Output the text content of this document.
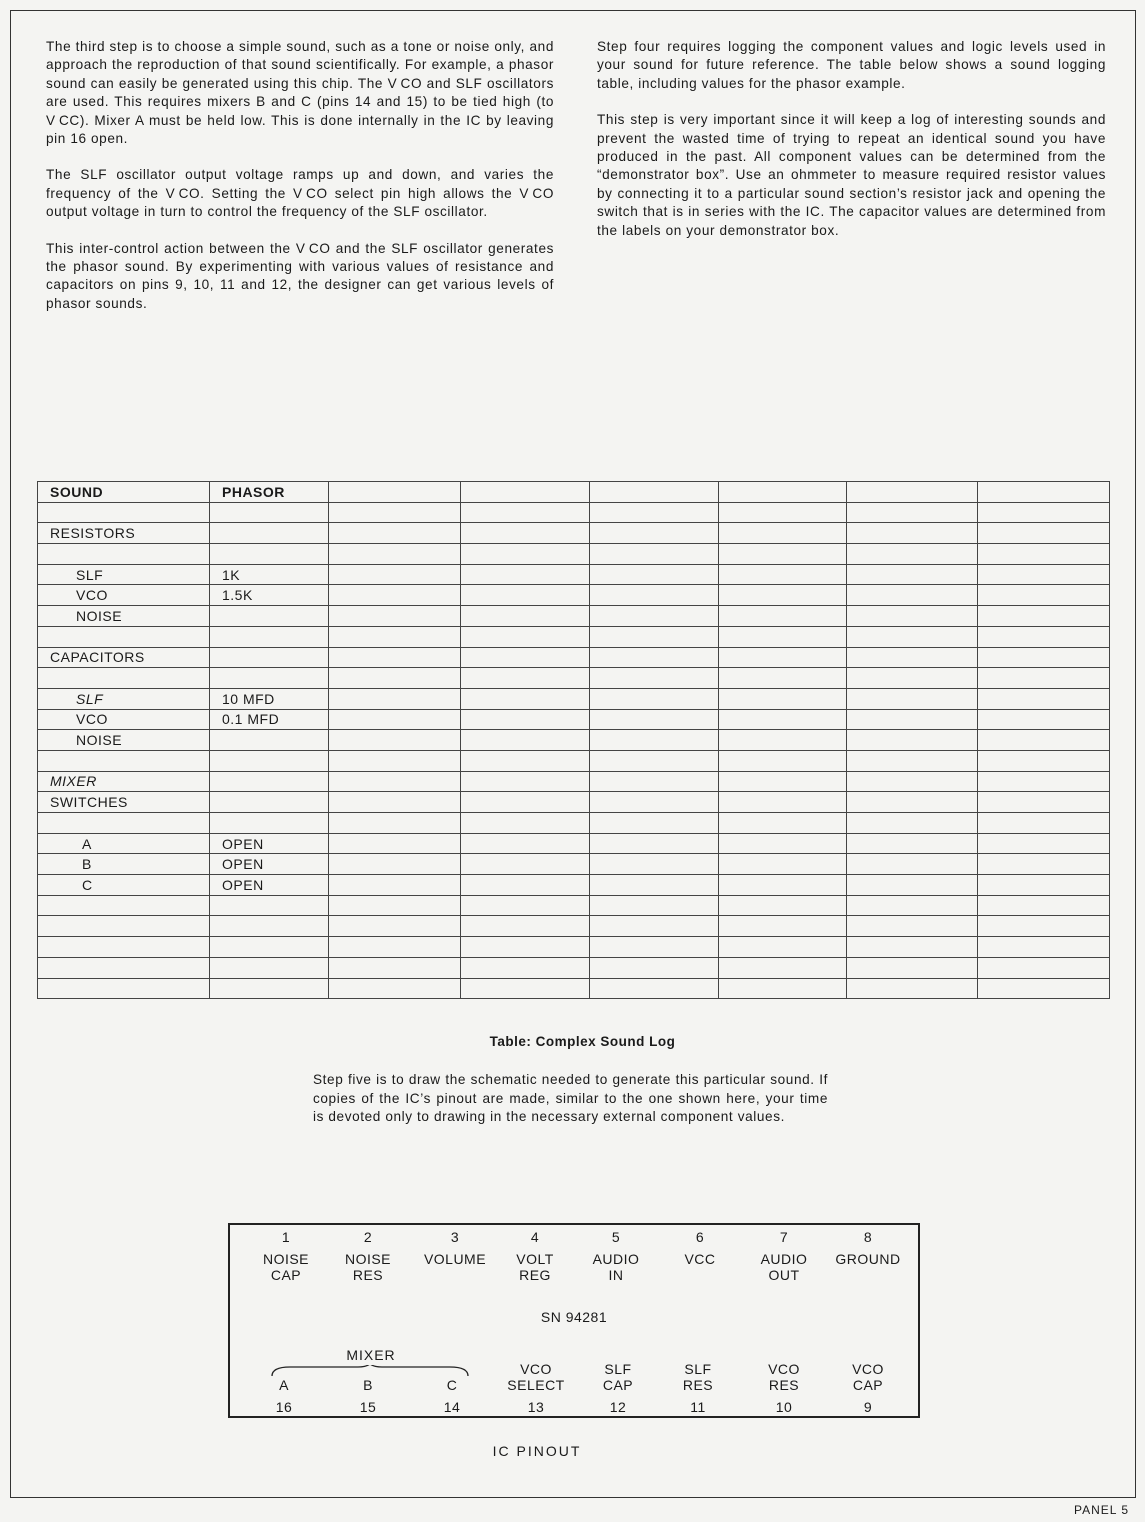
The third step is to choose a simple sound, such as a tone or noise only, and approach the reproduction of that sound scientifically. For example, a phasor sound can easily be generated using this chip. The V CO and SLF oscillators are used. This requires mixers B and C (pins 14 and 15) to be tied high (to V CC). Mixer A must be held low. This is done internally in the IC by leaving pin 16 open.

The SLF oscillator output voltage ramps up and down, and varies the frequency of the V CO. Setting the V CO select pin high allows the V CO output voltage in turn to control the frequency of the SLF oscillator.

This inter-control action between the V CO and the SLF oscillator generates the phasor sound. By experimenting with various values of resistance and capacitors on pins 9, 10, 11 and 12, the designer can get various levels of phasor sounds.

Step four requires logging the component values and logic levels used in your sound for future reference. The table below shows a sound logging table, including values for the phasor example.

This step is very important since it will keep a log of interesting sounds and prevent the wasted time of trying to repeat an identical sound you have produced in the past. All component values can be determined from the “demonstrator box”. Use an ohmmeter to measure required resistor values by connecting it to a particular sound section’s resistor jack and opening the switch that is in series with the IC. The capacitor values are determined from the labels on your demonstrator box.

SOUND	PHASOR						

RESISTORS							

SLF	1K						
VCO	1.5K						
NOISE							

CAPACITORS							

SLF	10 MFD						
VCO	0.1 MFD						
NOISE							

MIXER							
SWITCHES							

A	OPEN						
B	OPEN						
C	OPEN						

Table: Complex Sound Log
Step five is to draw the schematic needed to generate this particular sound. If copies of the IC’s pinout are made, similar to the one shown here, your time is devoted only to drawing in the necessary external component values.
1
NOISE
CAP
2
NOISE
RES
3
VOLUME
4
VOLT
REG
5
AUDIO
IN
6
VCC
7
AUDIO
OUT
8
GROUND
SN 94281
MIXER
A
16
B
15
C
14
VCO
SELECT
13
SLF
CAP
12
SLF
RES
11
VCO
RES
10
VCO
CAP
9
IC PINOUT
PANEL 5
